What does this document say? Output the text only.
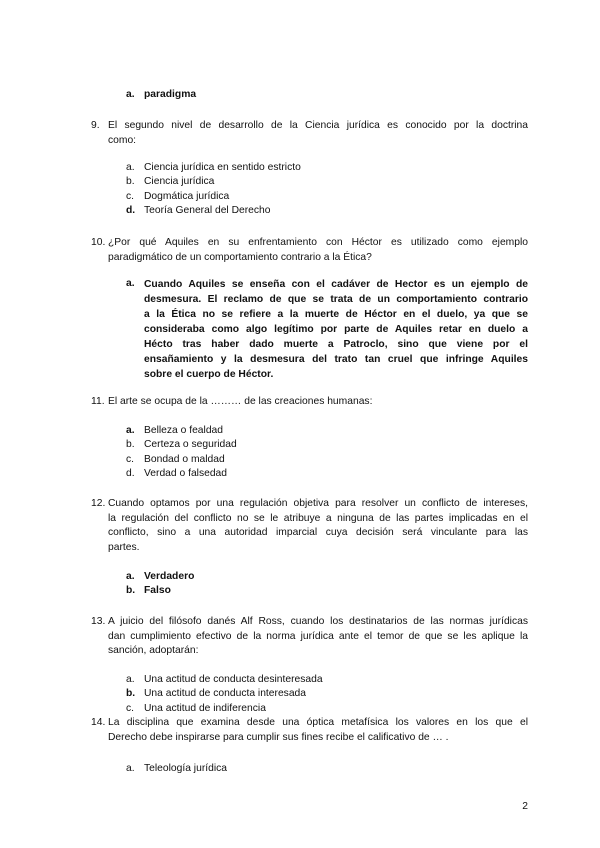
a. paradigma
9. El segundo nivel de desarrollo de la Ciencia jurídica es conocido por la doctrina
como:
a. Ciencia jurídica en sentido estricto
b. Ciencia jurídica
c. Dogmática jurídica
d. Teoría General del Derecho
10. ¿Por qué Aquiles en su enfrentamiento con Héctor es utilizado como ejemplo
paradigmático de un comportamiento contrario a la Ética?
a. Cuando Aquiles se enseña con el cadáver de Hector es un ejemplo de
desmesura. El reclamo de que se trata de un comportamiento contrario
a la Ética no se refiere a la muerte de Héctor en el duelo, ya que se
consideraba como algo legítimo por parte de Aquiles retar en duelo a
Hécto tras haber dado muerte a Patroclo, sino que viene por el
ensañamiento y la desmesura del trato tan cruel que infringe Aquiles
sobre el cuerpo de Héctor.
11. El arte se ocupa de la ……… de las creaciones humanas:
a. Belleza o fealdad
b. Certeza o seguridad
c. Bondad o maldad
d. Verdad o falsedad
12. Cuando optamos por una regulación objetiva para resolver un conflicto de intereses,
la regulación del conflicto no se le atribuye a ninguna de las partes implicadas en el
conflicto, sino a una autoridad imparcial cuya decisión será vinculante para las
partes.
a. Verdadero
b. Falso
13. A juicio del filósofo danés Alf Ross, cuando los destinatarios de las normas jurídicas
dan cumplimiento efectivo de la norma jurídica ante el temor de que se les aplique la
sanción, adoptarán:
a. Una actitud de conducta desinteresada
b. Una actitud de conducta interesada
c. Una actitud de indiferencia
14. La disciplina que examina desde una óptica metafísica los valores en los que el
Derecho debe inspirarse para cumplir sus fines recibe el calificativo de … .
a. Teleología jurídica
2
